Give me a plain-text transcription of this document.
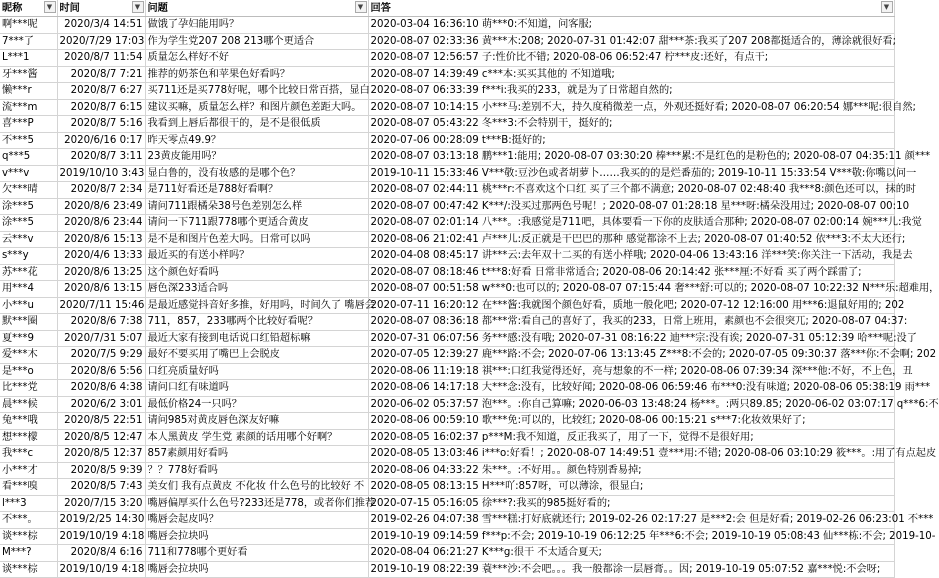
昵称 ▼	时间 ▼	问题 ▼	回答 ▼

啊***呢	2020/3/4 14:51	做饿了孕妇能用吗？	2020-03-04 16:36:10 萌***0:不知道，问客服;
7***了	2020/7/29 17:03	作为学生党207 208 213哪个更适合	2020-08-07 02:33:36 黄***木:208; 2020-07-31 01:42:07 甜***茶:我买了207 208都挺适合的，薄涂就很好看;
L***1	2020/8/7 11:54	质量怎么样好不好	2020-08-07 12:56:57 子:性价比不错; 2020-08-06 06:52:47 柠***皮:还好，有点干;
牙***酱	2020/8/7 7:21	推荐的奶茶色和苹果色好看吗？	2020-08-07 14:39:49 c***本:买买其他的 不知道哦;
懒***r	2020/8/7 6:27	买711还是买778好呢，哪个比较日常百搭，显白	2020-08-07 06:33:39 f***i:我买的233，就是为了日常超自然的;
流***m	2020/8/7 6:15	建议买嘛，质量怎么样？和图片颜色差距大吗。	2020-08-07 10:14:15 小***马:差别不大，持久度稍微差一点，外观还挺好看; 2020-08-07 06:20:54 娜***呢:很自然;
喜***P	2020/8/7 5:16	我看到上唇后都很干的，是不是很低质	2020-08-07 05:43:22 冬***3:不会特别干，挺好的;
不***5	2020/6/16 0:17	昨天零点49.9？	2020-07-06 00:28:09 t***B:挺好的;
q***5	2020/8/7 3:11	23黄皮能用吗？	2020-08-07 03:13:18 鹏***1:能用; 2020-08-07 03:30:20 棒***累:不是红色的是粉色的; 2020-08-07 04:35:11 颜***
v***v	2019/10/10 3:43	显白鲁的，没有妆感的是哪个色？	2019-10-11 15:33:46 V***敬:豆沙色或者胡萝卜……我买的的是烂番茄的; 2019-10-11 15:33:54 V***敬:你嘴以问一
欠***晴	2020/8/7 2:34	是711好看还是788好看啊？	2020-08-07 02:44:11 桃***r:不喜欢这个口红 买了三个都不满意; 2020-08-07 02:48:40 我***8:颜色还可以，抹的时
涂***5	2020/8/6 23:49	请问711跟橘朵38号色差别怎么样	2020-08-07 00:47:42 K***/:没买过那两色号呢！; 2020-08-07 01:28:18 星***呀:橘朵没用过; 2020-08-07 00:10
涂***5	2020/8/6 23:44	请问一下711跟778哪个更适合黄皮	2020-08-07 02:01:14 八***。:我感觉是711吧，具体要看一下你的皮肤适合那种; 2020-08-07 02:00:14 婉***儿:我觉
云***v	2020/8/6 15:13	是不是和图片色差大吗。日常可以吗	2020-08-06 21:02:41 卢***儿:反正就是干巴巴的那种 感觉都涂不上去; 2020-08-07 01:40:52 依***3:不太大还行;
s***y	2020/4/6 13:33	最近买的有送小样吗？	2020-04-08 08:45:17 讲***云:去年双十二买的有送小样哦; 2020-04-06 13:43:16 洋***笑:你关注一下活动，我是去
苏***花	2020/8/6 13:25	这个颜色好看吗	2020-08-07 08:18:46 t***8:好看 日常非常适合; 2020-08-06 20:14:42 张***厘:不好看 买了两个踩雷了;
用***4	2020/8/6 13:15	唇色深233适合吗	2020-08-07 00:51:58 w***0:也可以的; 2020-08-07 07:15:44 奢***舒:可以的; 2020-08-07 10:22:32 N***乐:超难用，
小***u	2020/7/11 15:46	是最近感觉抖音好多推，好用吗，时间久了 嘴唇会	2020-07-11 16:20:12 在***酱:我就图个颜色好看，质地一般化吧; 2020-07-12 12:16:00 用***6:退鼠好用的; 202
默***圈	2020/8/6 7:38	711，857，233哪两个比较好看呢？	2020-08-07 08:36:18 都***常:看自己的喜好了，我买的233，日常上班用，素颜也不会很突兀; 2020-08-07 04:37:
夏***9	2020/7/31 5:07	最近大家有接到电话说口红铅超标嘛	2020-07-31 06:07:56 务***感:没有哦; 2020-07-31 08:16:22 迪***宗:没有诶; 2020-07-31 05:12:39 哈***呢:没了
爱***木	2020/7/5 9:29	最好不要买用了嘴巴上会脱皮	2020-07-05 12:39:27 鹿***路:不会; 2020-07-06 13:13:45 Z***8:不会的; 2020-07-05 09:30:37 落***你:不会啊; 202
是***o	2020/8/6 5:56	口红亮质量好吗	2020-08-06 11:19:18 祺***:口红我觉得还好，亮与想象的不一样; 2020-08-06 07:39:34 深***他:不好，不上色，丑
比***党	2020/8/6 4:38	请问口红有味道吗	2020-08-06 14:17:18 大***念:没有，比较好闻; 2020-08-06 06:59:46 布***0:没有味道; 2020-08-06 05:38:19 雨***
晨***候	2020/6/2 3:01	最低价格24一只吗？	2020-06-02 05:37:57 泡***。:你自己算嘛; 2020-06-03 13:48:24 杨***。:两只89.85; 2020-06-02 03:07:17 q***6:不
兔***哦	2020/8/5 22:51	请问985对黄皮唇色深友好嘛	2020-08-06 00:59:10 歌***免:可以的，比较红; 2020-08-06 00:15:21 s***7:化妆效果好了;
想***檬	2020/8/5 12:47	本人黑黄皮 学生党 素颜的话用哪个好啊？	2020-08-05 16:02:37 p***M:我不知道，反正我买了，用了一下，觉得不是很好用;
我***c	2020/8/5 12:37	857素颜用好看吗	2020-08-05 13:03:46 i***o:好看！; 2020-08-07 14:49:51 壹***用:不错; 2020-08-06 03:10:29 筱***。:用了有点起皮
小***才	2020/8/5 9:39	？？778好看吗	2020-08-06 04:33:22 朱***。:不好用。。颜色特别香易掉;
看***嗅	2020/8/5 7:43	美女们 我有点黄皮 不化妆 什么色号的比较好 不	2020-08-05 08:13:15 H***吖:857呀，可以薄涂，很显白;
l***3	2020/7/15 3:20	嘴唇偏厚买什么色号?233还是778，或者你们推荐	2020-07-15 05:16:05 徐***?:我买的985挺好看的;
不***。	2019/2/25 14:30	嘴唇会起皮吗？	2019-02-26 04:07:38 雪***糕:打好底就还行; 2019-02-26 02:17:27 是***2:会 但是好看; 2019-02-26 06:23:01 不***
谈***棕	2019/10/19 4:18	嘴唇会拉块吗	2019-10-19 09:14:59 f***p:不会; 2019-10-19 06:12:25 年***6:不会; 2019-10-19 05:08:43 仙***栋:不会; 2019-10-
M***?	2020/8/4 6:16	711和778哪个更好看	2020-08-04 06:21:27 K***g:很干 不太适合夏天;
谈***棕	2019/10/19 4:18	嘴唇会拉块吗	2019-10-19 08:22:39 蓑***沙:不会吧。。。我一般都涂一层唇膏。。因; 2019-10-19 05:07:52 嘉***悦:不会呀;
